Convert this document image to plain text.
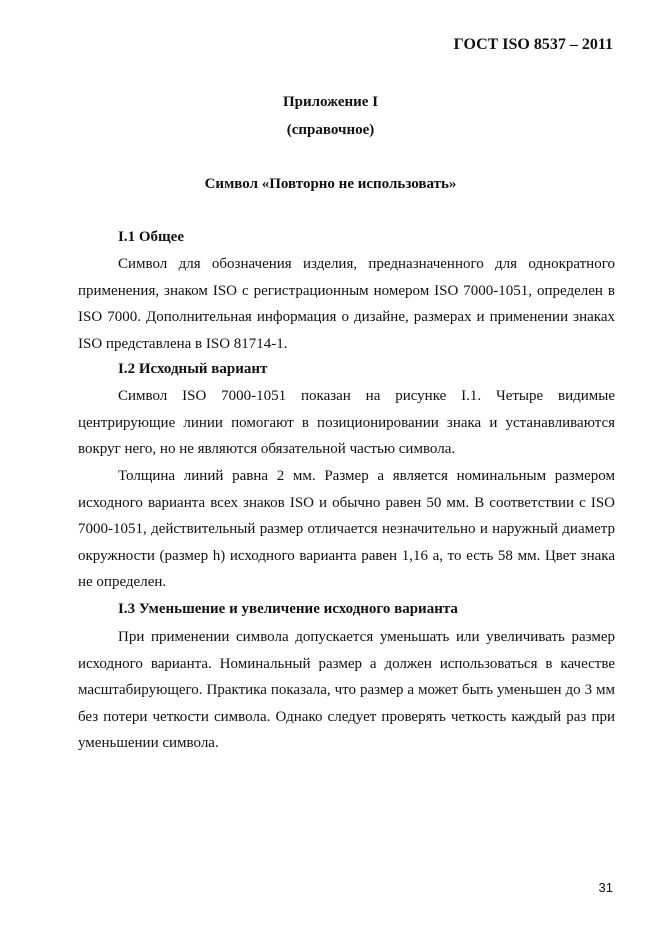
ГОСТ ISO 8537 – 2011
Приложение I
(справочное)
Символ «Повторно не использовать»
I.1 Общее

Символ для обозначения изделия, предназначенного для однократного применения, знаком ISO с регистрационным номером ISO 7000-1051, определен в ISO 7000. Дополнительная информация о дизайне, размерах и применении знаках ISO представлена в ISO 81714-1.

I.2 Исходный вариант

Символ ISO 7000-1051 показан на рисунке I.1. Четыре видимые центрирующие линии помогают в позиционировании знака и устанавливаются вокруг него, но не являются обязательной частью символа.

Толщина линий равна 2 мм. Размер a является номинальным размером исходного варианта всех знаков ISO и обычно равен 50 мм. В соответствии с ISO 7000-1051, действительный размер отличается незначительно и наружный диаметр окружности (размер h) исходного варианта равен 1,16 a, то есть 58 мм. Цвет знака не определен.

I.3 Уменьшение и увеличение исходного варианта

При применении символа допускается уменьшать или увеличивать размер исходного варианта. Номинальный размер a должен использоваться в качестве масштабирующего. Практика показала, что размер a может быть уменьшен до 3 мм без потери четкости символа. Однако следует проверять четкость каждый раз при уменьшении символа.

31
